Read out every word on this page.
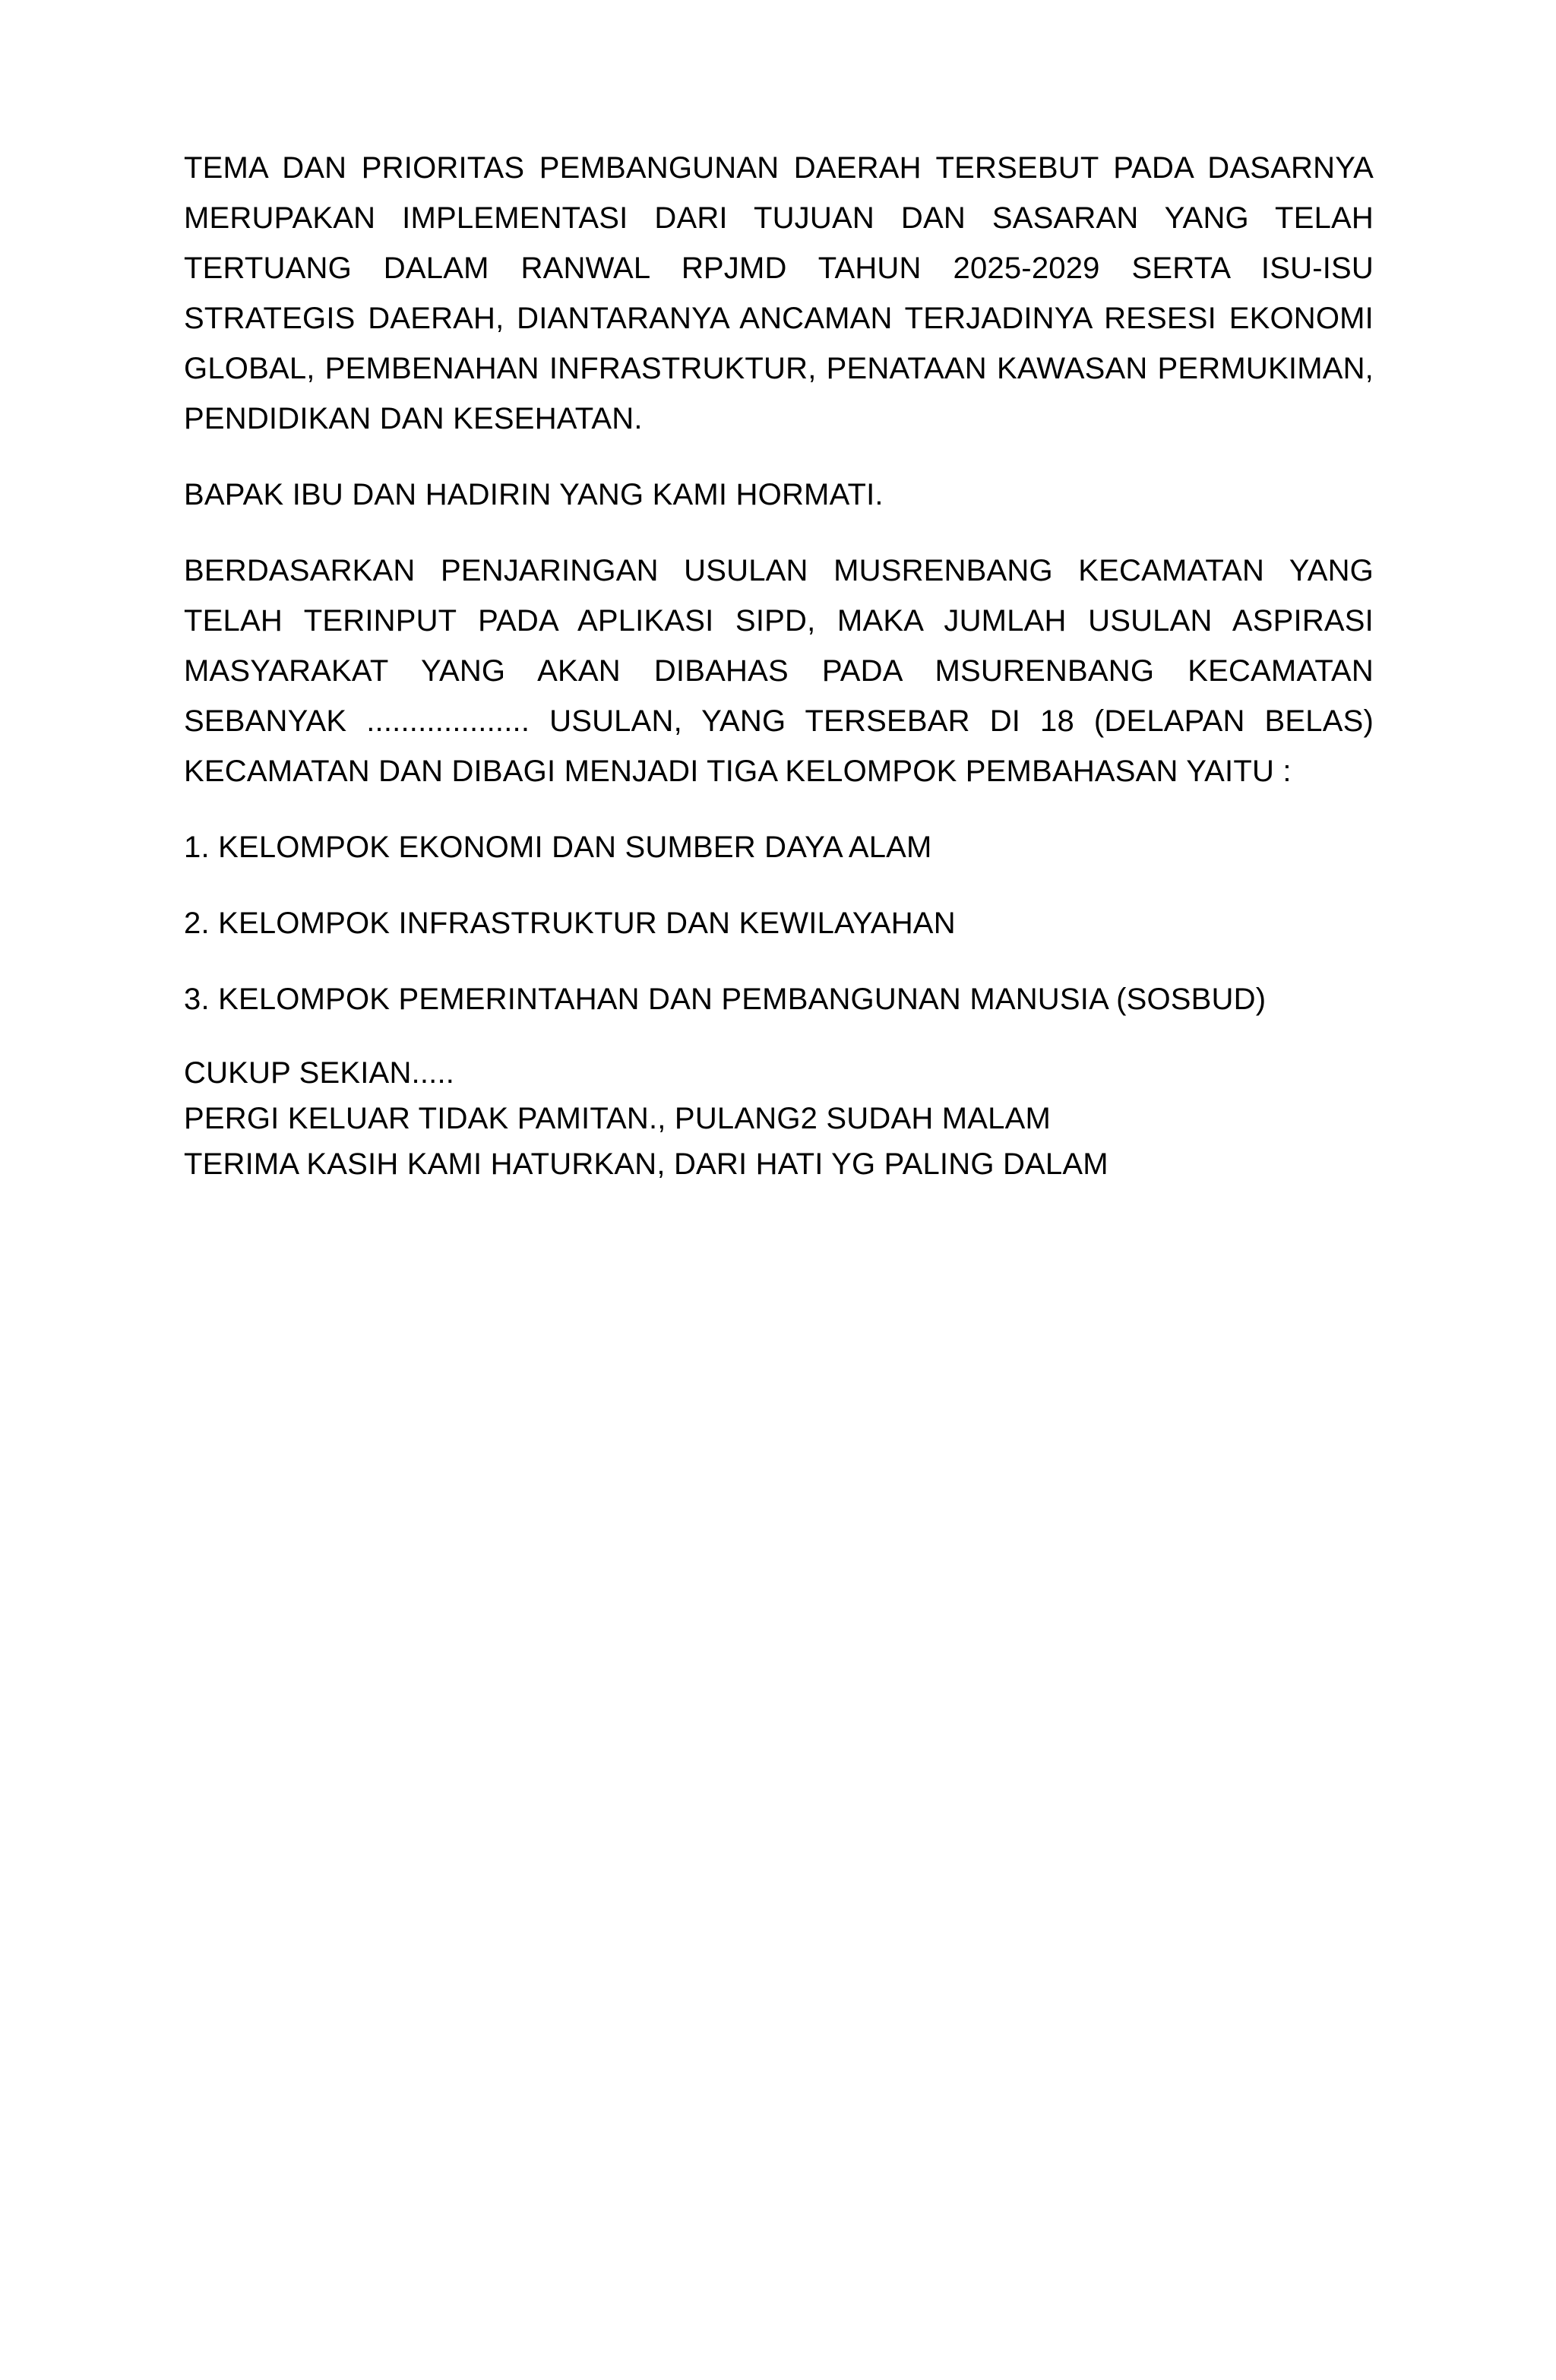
TEMA DAN PRIORITAS PEMBANGUNAN DAERAH TERSEBUT PADA DASARNYA MERUPAKAN IMPLEMENTASI DARI TUJUAN DAN SASARAN YANG TELAH TERTUANG DALAM RANWAL RPJMD TAHUN 2025-2029 SERTA ISU-ISU STRATEGIS DAERAH, DIANTARANYA ANCAMAN TERJADINYA RESESI EKONOMI GLOBAL, PEMBENAHAN INFRASTRUKTUR, PENATAAN KAWASAN PERMUKIMAN, PENDIDIKAN DAN KESEHATAN.

BAPAK IBU DAN HADIRIN YANG KAMI HORMATI.

BERDASARKAN PENJARINGAN USULAN MUSRENBANG KECAMATAN YANG TELAH TERINPUT PADA APLIKASI SIPD, MAKA JUMLAH USULAN ASPIRASI MASYARAKAT YANG AKAN DIBAHAS PADA MSURENBANG KECAMATAN SEBANYAK ................... USULAN, YANG TERSEBAR DI 18 (DELAPAN BELAS) KECAMATAN DAN DIBAGI MENJADI TIGA KELOMPOK PEMBAHASAN YAITU :

1. KELOMPOK EKONOMI DAN SUMBER DAYA ALAM

2. KELOMPOK INFRASTRUKTUR DAN KEWILAYAHAN

3. KELOMPOK PEMERINTAHAN DAN PEMBANGUNAN MANUSIA (SOSBUD)

CUKUP SEKIAN.....
PERGI KELUAR TIDAK PAMITAN., PULANG2 SUDAH MALAM
TERIMA KASIH KAMI HATURKAN, DARI HATI YG PALING DALAM
